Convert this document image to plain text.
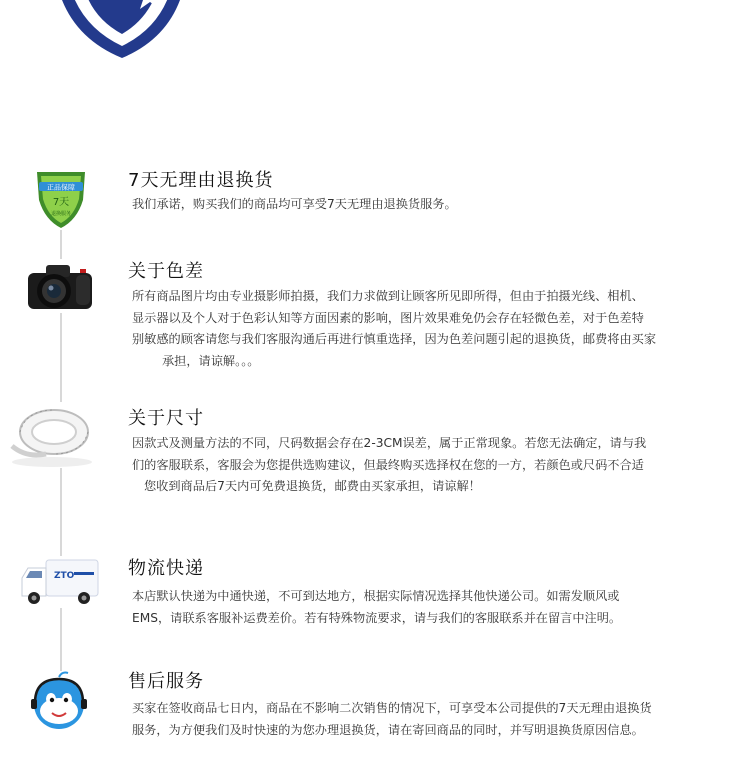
正品保障
7天
退换服务
7天无理由退换货
我们承诺，购买我们的商品均可享受7天无理由退换货服务。
关于色差
所有商品图片均由专业摄影师拍摄，我们力求做到让顾客所见即所得，但由于拍摄光线、相机、
显示器以及个人对于色彩认知等方面因素的影响，图片效果难免仍会存在轻微色差，对于色差特
别敏感的顾客请您与我们客服沟通后再进行慎重选择，因为色差问题引起的退换货，邮费将由买家
承担，请谅解。。。
关于尺寸
因款式及测量方法的不同，尺码数据会存在2-3CM误差，属于正常现象。若您无法确定，请与我
们的客服联系，客服会为您提供选购建议，但最终购买选择权在您的一方，若颜色或尺码不合适
您收到商品后7天内可免费退换货，邮费由买家承担，请谅解！
ZTO	物流快递
本店默认快递为中通快递，不可到达地方，根据实际情况选择其他快递公司。如需发顺风或
EMS，请联系客服补运费差价。若有特殊物流要求，请与我们的客服联系并在留言中注明。
售后服务
买家在签收商品七日内，商品在不影响二次销售的情况下，可享受本公司提供的7天无理由退换货
服务，为方便我们及时快速的为您办理退换货，请在寄回商品的同时，并写明退换货原因信息。
